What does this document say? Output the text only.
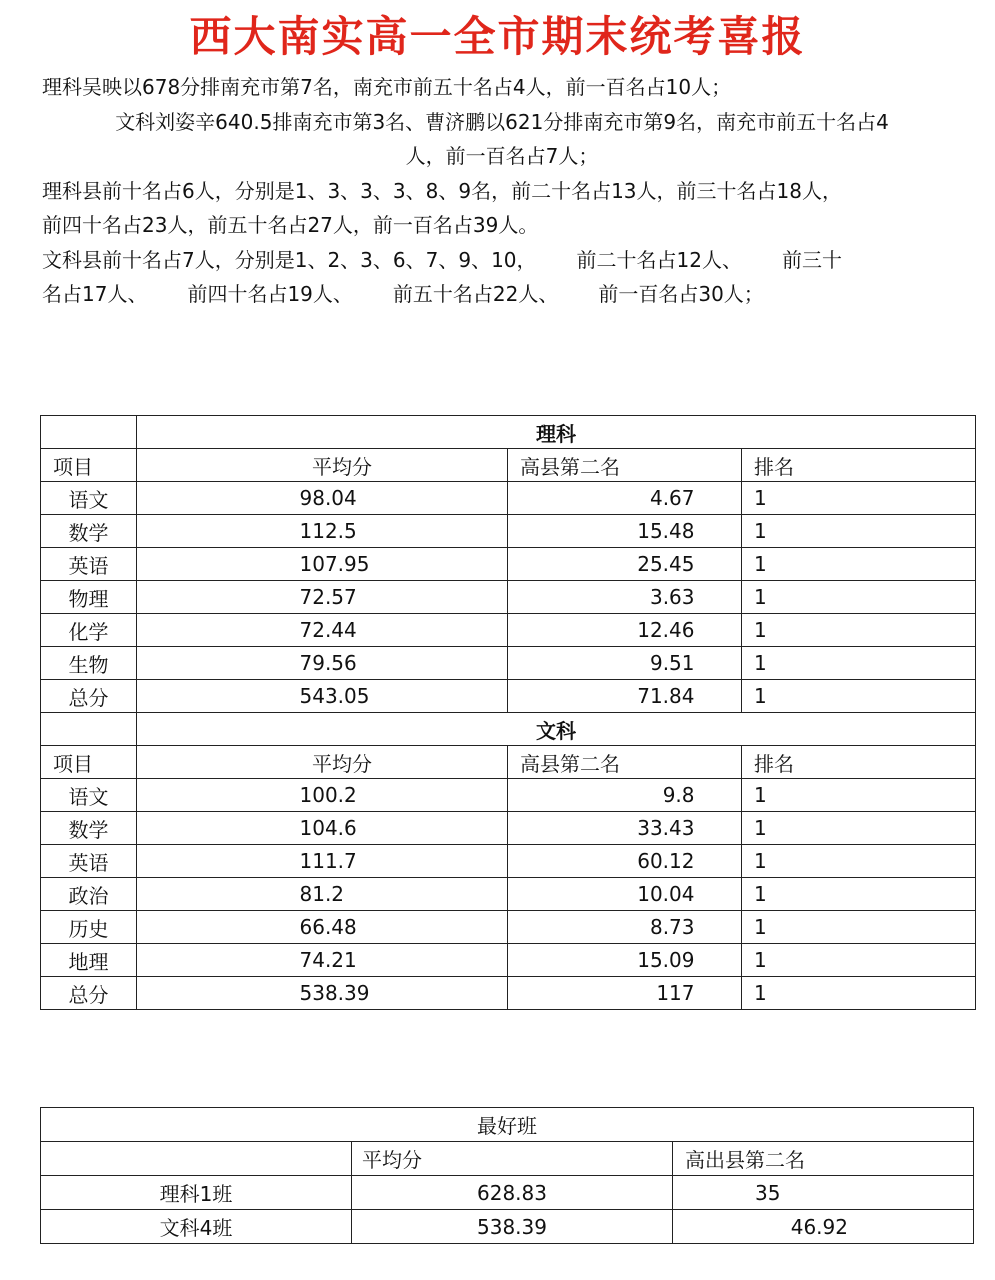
西大南实高一全市期末统考喜报
理科吴映以678分排南充市第7名，南充市前五十名占4人，前一百名占10人；
文科刘姿辛640.5排南充市第3名、曹济鹏以621分排南充市第9名，南充市前五十名占4
人，前一百名占7人；
理科县前十名占6人，分别是1、3、3、3、8、9名，前二十名占13人，前三十名占18人，
前四十名占23人，前五十名占27人，前一百名占39人。
文科县前十名占7人，分别是1、2、3、6、7、9、10， 前二十名占12人、 前三十
名占17人、 前四十名占19人、 前五十名占22人、 前一百名占30人；
	理科		
项目	平均分	高县第二名	排名
语文	98.04	4.67	1
数学	112.5	15.48	1
英语	107.95	25.45	1
物理	72.57	3.63	1
化学	72.44	12.46	1
生物	79.56	9.51	1
总分	543.05	71.84	1
	文科		
项目	平均分	高县第二名	排名
语文	100.2	9.8	1
数学	104.6	33.43	1
英语	111.7	60.12	1
政治	81.2	10.04	1
历史	66.48	8.73	1
地理	74.21	15.09	1
总分	538.39	117	1
最好班		
	平均分	高出县第二名
理科1班	628.83	35
文科4班	538.39	46.92
